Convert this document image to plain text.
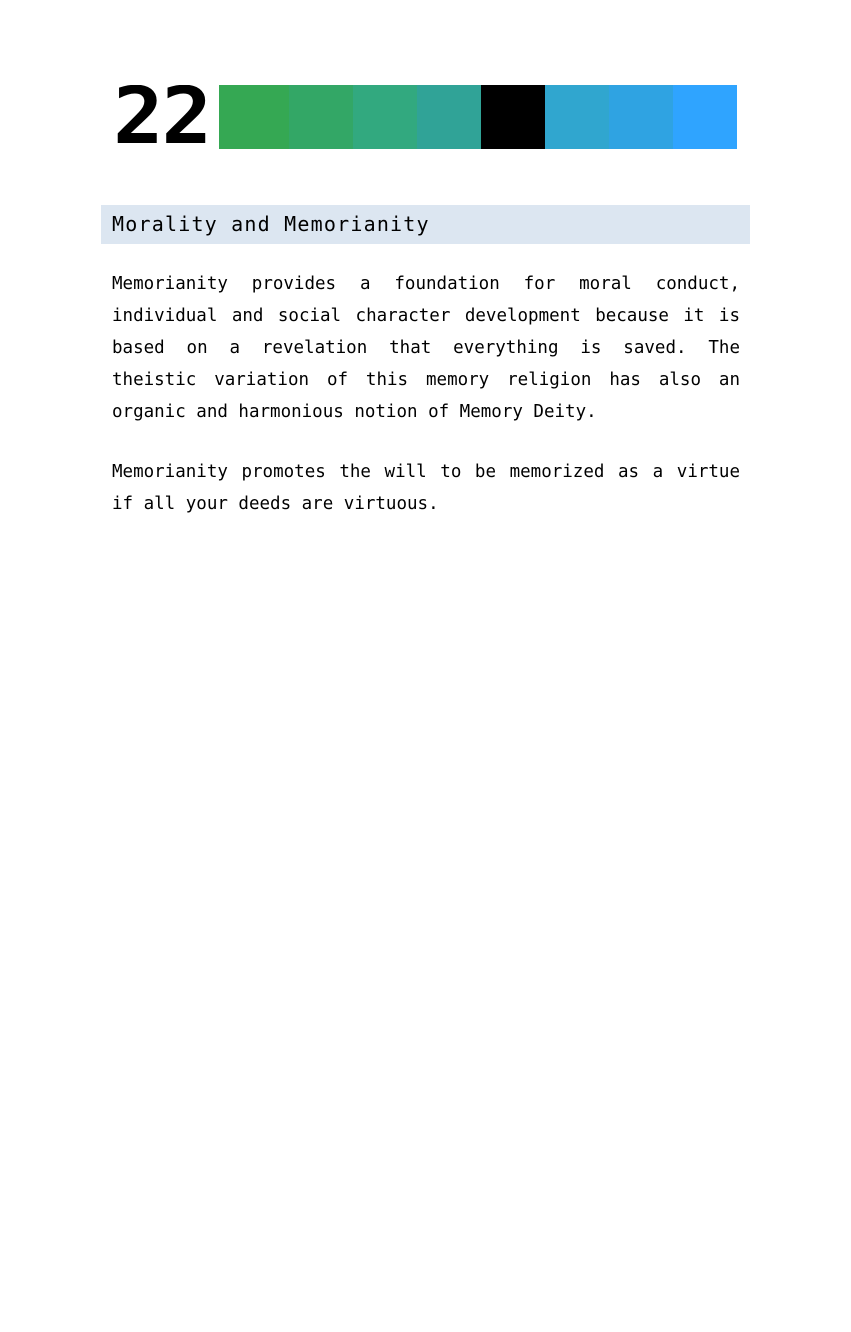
22
Morality and Memorianity

Memorianity provides a foundation for moral conduct, individual and social character development because it is based on a revelation that everything is saved. The theistic variation of this memory religion has also an organic and harmonious notion of Memory Deity.

Memorianity promotes the will to be memorized as a virtue if all your deeds are virtuous.
